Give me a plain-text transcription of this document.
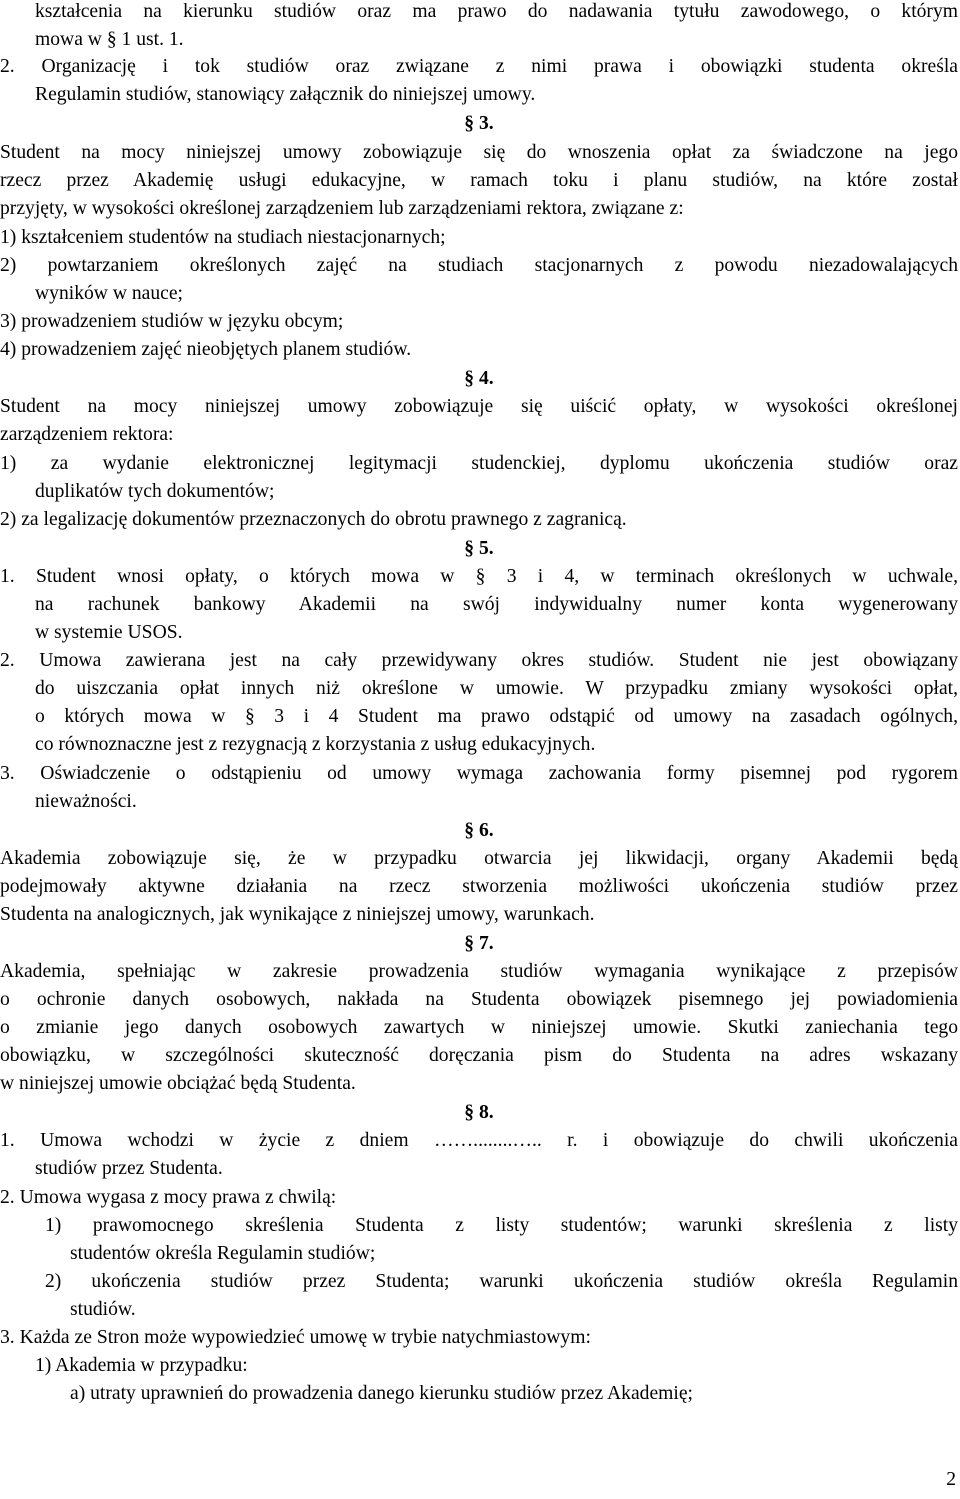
2
kształcenia na kierunku studiów oraz ma prawo do nadawania tytułu zawodowego, o którym
mowa w § 1 ust. 1.
2. Organizację i tok studiów oraz związane z nimi prawa i obowiązki studenta określa
Regulamin studiów, stanowiący załącznik do niniejszej umowy.
§ 3.
Student na mocy niniejszej umowy zobowiązuje się do wnoszenia opłat za świadczone na jego
rzecz przez Akademię usługi edukacyjne, w ramach toku i planu studiów, na które został
przyjęty, w wysokości określonej zarządzeniem lub zarządzeniami rektora, związane z:
1) kształceniem studentów na studiach niestacjonarnych;
2) powtarzaniem określonych zajęć na studiach stacjonarnych z powodu niezadowalających
wyników w nauce;
3) prowadzeniem studiów w języku obcym;
4) prowadzeniem zajęć nieobjętych planem studiów.
§ 4.
Student na mocy niniejszej umowy zobowiązuje się uiścić opłaty, w wysokości określonej
zarządzeniem rektora:
1) za wydanie elektronicznej legitymacji studenckiej, dyplomu ukończenia studiów oraz
duplikatów tych dokumentów;
2) za legalizację dokumentów przeznaczonych do obrotu prawnego z zagranicą.
§ 5.
1. Student wnosi opłaty, o których mowa w § 3 i 4, w terminach określonych w uchwale,
na rachunek bankowy Akademii na swój indywidualny numer konta wygenerowany
w systemie USOS.
2. Umowa zawierana jest na cały przewidywany okres studiów. Student nie jest obowiązany
do uiszczania opłat innych niż określone w umowie. W przypadku zmiany wysokości opłat,
o których mowa w § 3 i 4 Student ma prawo odstąpić od umowy na zasadach ogólnych,
co równoznaczne jest z rezygnacją z korzystania z usług edukacyjnych.
3. Oświadczenie o odstąpieniu od umowy wymaga zachowania formy pisemnej pod rygorem
nieważności.
§ 6.
Akademia zobowiązuje się, że w przypadku otwarcia jej likwidacji, organy Akademii będą
podejmowały aktywne działania na rzecz stworzenia możliwości ukończenia studiów przez
Studenta na analogicznych, jak wynikające z niniejszej umowy, warunkach.
§ 7.
Akademia, spełniając w zakresie prowadzenia studiów wymagania wynikające z przepisów
o ochronie danych osobowych, nakłada na Studenta obowiązek pisemnego jej powiadomienia
o zmianie jego danych osobowych zawartych w niniejszej umowie. Skutki zaniechania tego
obowiązku, w szczególności skuteczność doręczania pism do Studenta na adres wskazany
w niniejszej umowie obciążać będą Studenta.
§ 8.
1. Umowa wchodzi w życie z dniem ……........….. r. i obowiązuje do chwili ukończenia
studiów przez Studenta.
2. Umowa wygasa z mocy prawa z chwilą:
1) prawomocnego skreślenia Studenta z listy studentów; warunki skreślenia z listy
studentów określa Regulamin studiów;
2) ukończenia studiów przez Studenta; warunki ukończenia studiów określa Regulamin
studiów.
3. Każda ze Stron może wypowiedzieć umowę w trybie natychmiastowym:
1) Akademia w przypadku:
a) utraty uprawnień do prowadzenia danego kierunku studiów przez Akademię;
